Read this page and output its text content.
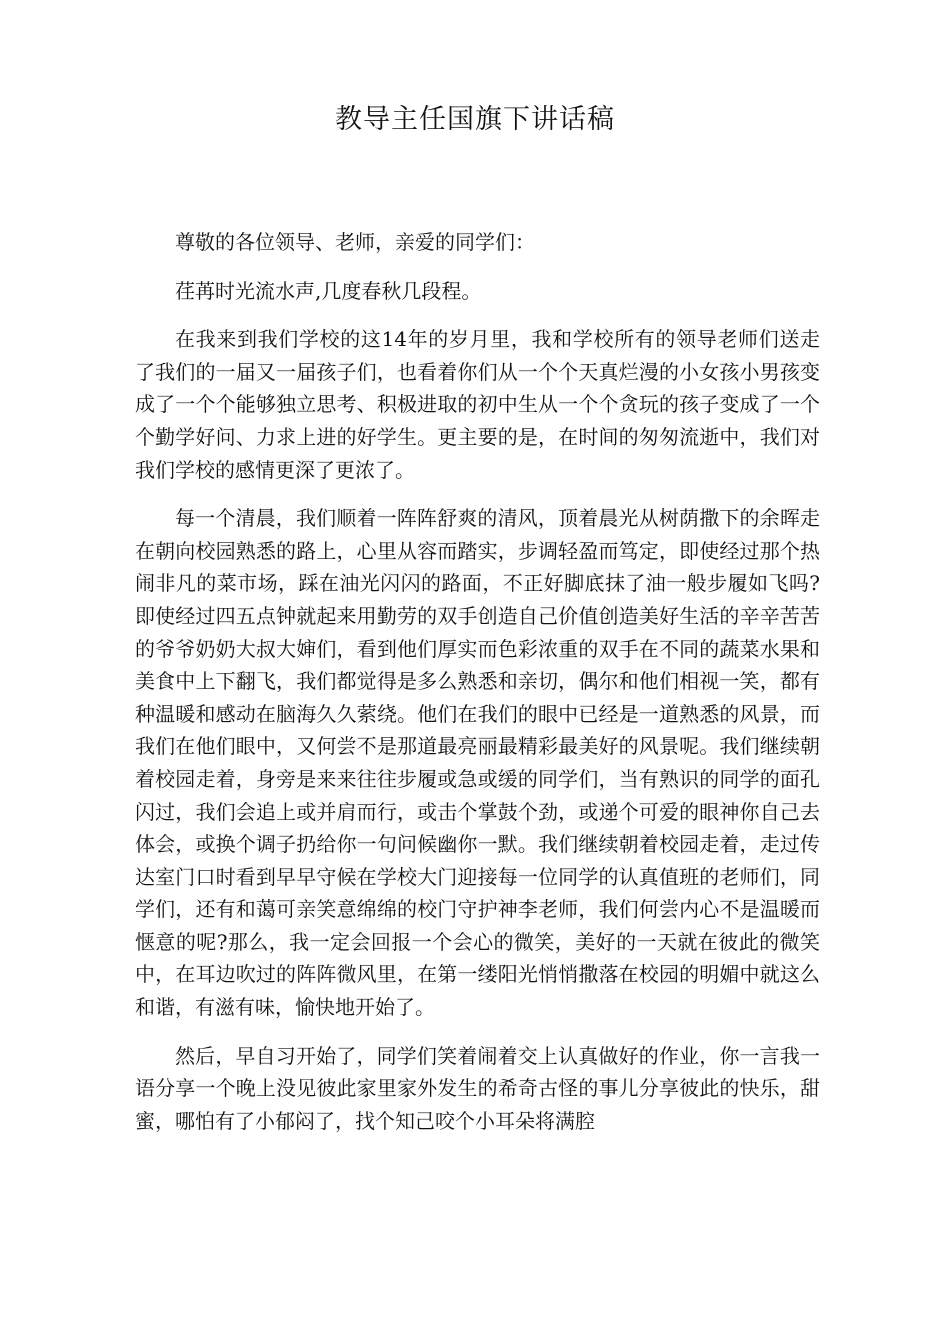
教导主任国旗下讲话稿

尊敬的各位领导、老师，亲爱的同学们：

荏苒时光流水声,几度春秋几段程。

在我来到我们学校的这14年的岁月里，我和学校所有的领导老师们送走了我们的一届又一届孩子们，也看着你们从一个个天真烂漫的小女孩小男孩变成了一个个能够独立思考、积极进取的初中生从一个个贪玩的孩子变成了一个个勤学好问、力求上进的好学生。更主要的是，在时间的匆匆流逝中，我们对我们学校的感情更深了更浓了。

每一个清晨，我们顺着一阵阵舒爽的清风，顶着晨光从树荫撒下的余晖走在朝向校园熟悉的路上，心里从容而踏实，步调轻盈而笃定，即使经过那个热闹非凡的菜市场，踩在油光闪闪的路面，不正好脚底抹了油一般步履如飞吗?即使经过四五点钟就起来用勤劳的双手创造自己价值创造美好生活的辛辛苦苦的爷爷奶奶大叔大婶们，看到他们厚实而色彩浓重的双手在不同的蔬菜水果和美食中上下翻飞，我们都觉得是多么熟悉和亲切，偶尔和他们相视一笑，都有种温暖和感动在脑海久久萦绕。他们在我们的眼中已经是一道熟悉的风景，而我们在他们眼中，又何尝不是那道最亮丽最精彩最美好的风景呢。我们继续朝着校园走着，身旁是来来往往步履或急或缓的同学们，当有熟识的同学的面孔闪过，我们会追上或并肩而行，或击个掌鼓个劲，或递个可爱的眼神你自己去体会，或换个调子扔给你一句问候幽你一默。我们继续朝着校园走着，走过传达室门口时看到早早守候在学校大门迎接每一位同学的认真值班的老师们，同学们，还有和蔼可亲笑意绵绵的校门守护神李老师，我们何尝内心不是温暖而惬意的呢?那么，我一定会回报一个会心的微笑，美好的一天就在彼此的微笑中，在耳边吹过的阵阵微风里，在第一缕阳光悄悄撒落在校园的明媚中就这么和谐，有滋有味，愉快地开始了。

然后，早自习开始了，同学们笑着闹着交上认真做好的作业，你一言我一语分享一个晚上没见彼此家里家外发生的希奇古怪的事儿分享彼此的快乐，甜蜜，哪怕有了小郁闷了，找个知己咬个小耳朵将满腔
